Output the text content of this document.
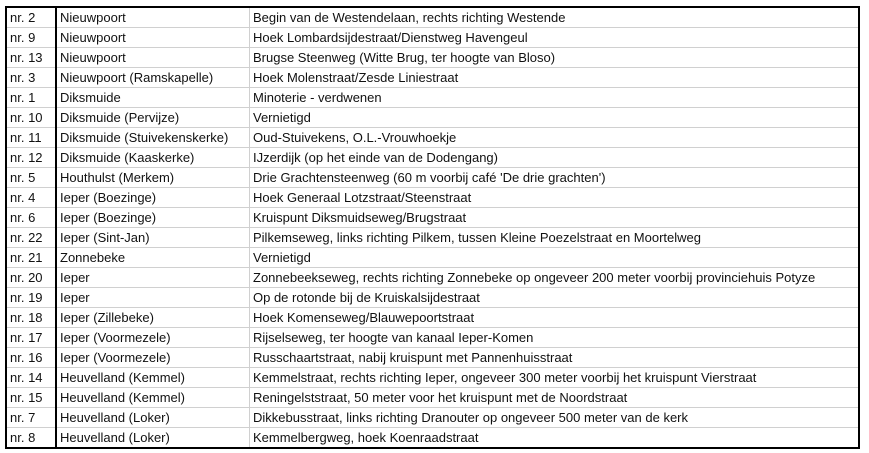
nr. 2	Nieuwpoort	Begin van de Westendelaan, rechts richting Westende
nr. 9	Nieuwpoort	Hoek Lombardsijdestraat/Dienstweg Havengeul
nr. 13	Nieuwpoort	Brugse Steenweg (Witte Brug, ter hoogte van Bloso)
nr. 3	Nieuwpoort (Ramskapelle)	Hoek Molenstraat/Zesde Liniestraat
nr. 1	Diksmuide	Minoterie - verdwenen
nr. 10	Diksmuide (Pervijze)	Vernietigd
nr. 11	Diksmuide (Stuivekenskerke)	Oud-Stuivekens, O.L.-Vrouwhoekje
nr. 12	Diksmuide (Kaaskerke)	IJzerdijk (op het einde van de Dodengang)
nr. 5	Houthulst (Merkem)	Drie Grachtensteenweg (60 m voorbij café 'De drie grachten')
nr. 4	Ieper (Boezinge)	Hoek Generaal Lotzstraat/Steenstraat
nr. 6	Ieper (Boezinge)	Kruispunt Diksmuidseweg/Brugstraat
nr. 22	Ieper (Sint-Jan)	Pilkemseweg, links richting Pilkem, tussen Kleine Poezelstraat en Moortelweg
nr. 21	Zonnebeke	Vernietigd
nr. 20	Ieper	Zonnebeekseweg, rechts richting Zonnebeke op ongeveer 200 meter voorbij provinciehuis Potyze
nr. 19	Ieper	Op de rotonde bij de Kruiskalsijdestraat
nr. 18	Ieper (Zillebeke)	Hoek Komenseweg/Blauwepoortstraat
nr. 17	Ieper (Voormezele)	Rijselseweg, ter hoogte van kanaal Ieper-Komen
nr. 16	Ieper (Voormezele)	Russchaartstraat, nabij kruispunt met Pannenhuisstraat
nr. 14	Heuvelland (Kemmel)	Kemmelstraat, rechts richting Ieper, ongeveer 300 meter voorbij het kruispunt Vierstraat
nr. 15	Heuvelland (Kemmel)	Reningelststraat, 50 meter voor het kruispunt met de Noordstraat
nr. 7	Heuvelland (Loker)	Dikkebusstraat, links richting Dranouter op ongeveer 500 meter van de kerk
nr. 8	Heuvelland (Loker)	Kemmelbergweg, hoek Koenraadstraat
